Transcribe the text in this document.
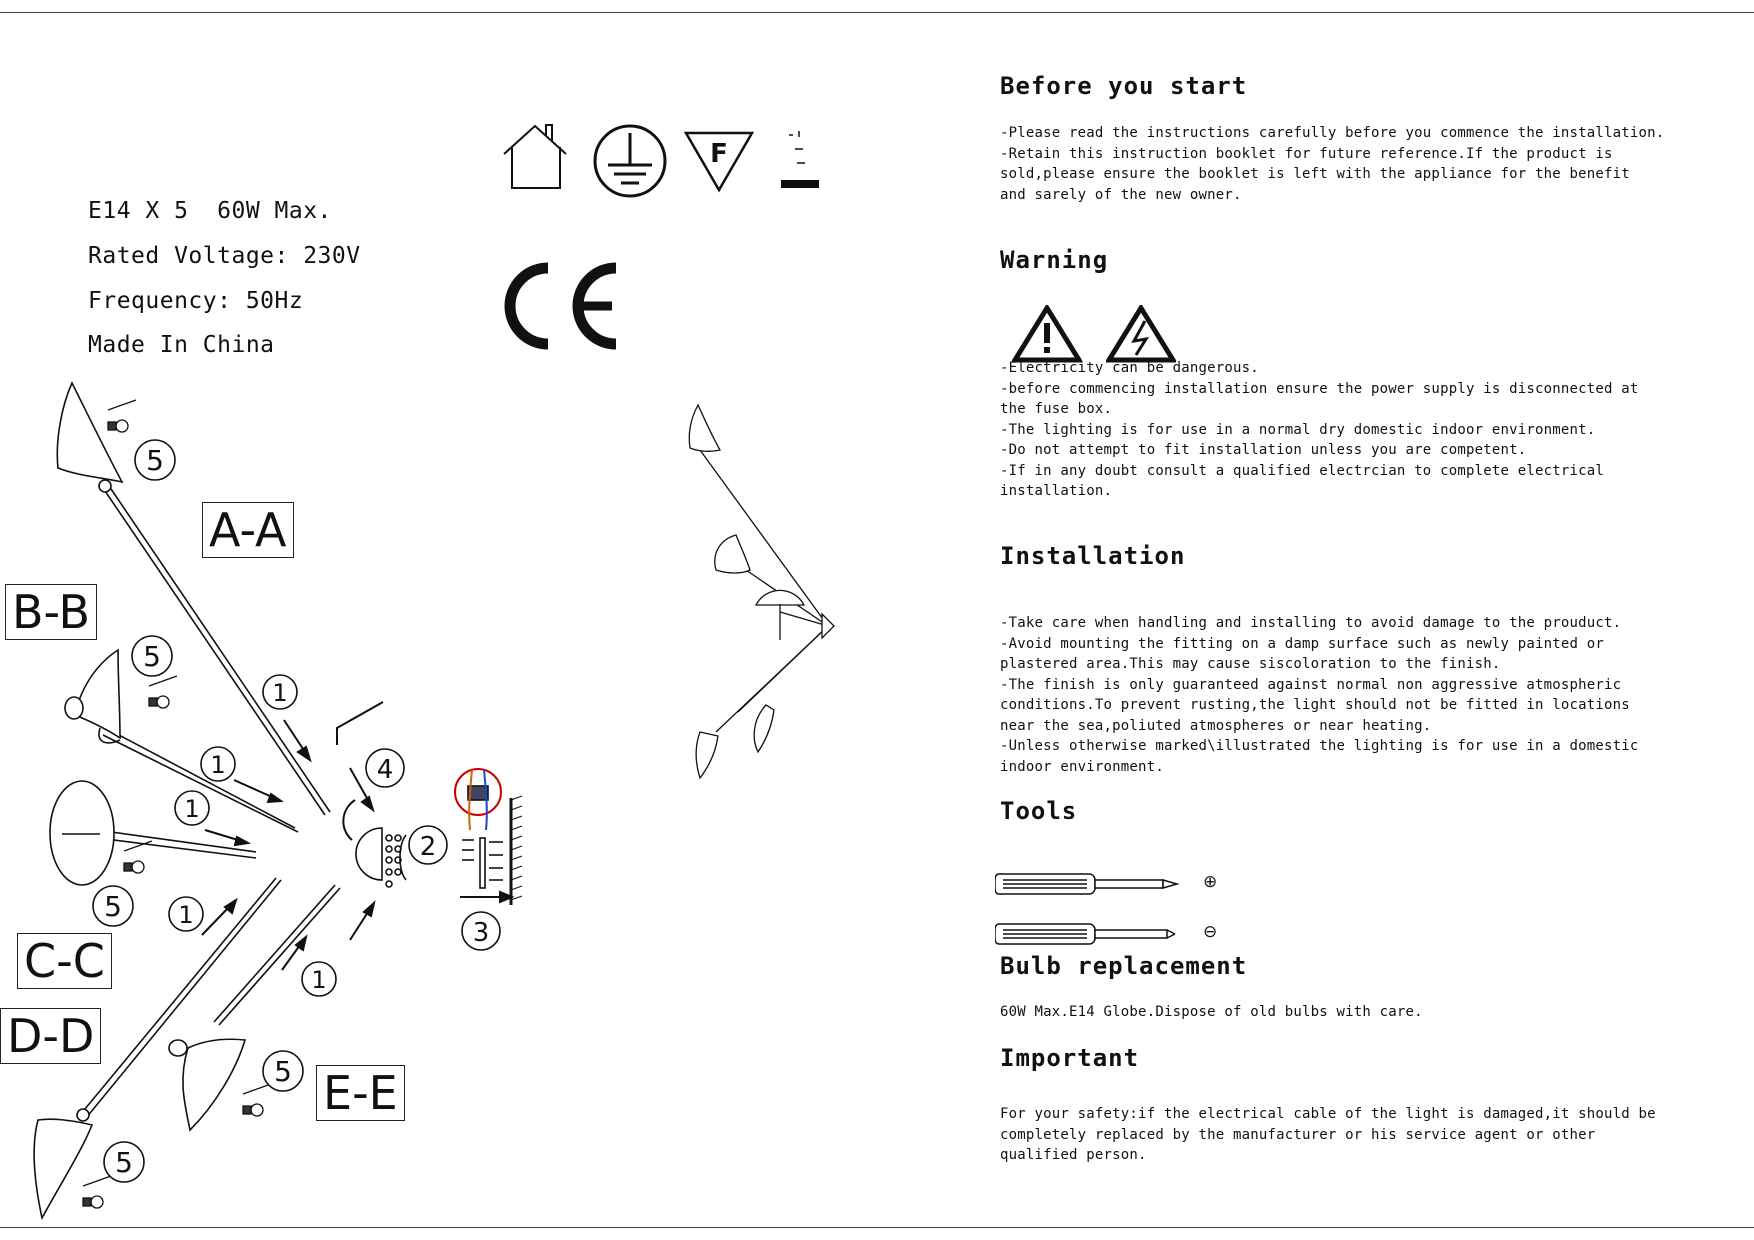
E14 X 5  60W Max.
Rated Voltage: 230V
Frequency: 50Hz
Made In China
F
5
5
5
5
5
1
1
1
1
1
2
3
4
A-A
B-B
C-C
D-D
E-E
Before you start
-Please read the instructions carefully before you commence the installation.
-Retain this instruction booklet for future reference.If the product is
sold,please ensure the booklet is left with the appliance for the benefit
and sarely of the new owner.
Warning
-Electricity can be dangerous.
-before commencing installation ensure the power supply is disconnected at
the fuse box.
-The lighting is for use in a normal dry domestic indoor environment.
-Do not attempt to fit installation unless you are competent.
-If in any doubt consult a qualified electrcian to complete electrical
installation.
Installation
-Take care when handling and installing to avoid damage to the prouduct.
-Avoid mounting the fitting on a damp surface such as newly painted or
plastered area.This may cause siscoloration to the finish.
-The finish is only guaranteed against normal non aggressive atmospheric
conditions.To prevent rusting,the light should not be fitted in locations
near the sea,poliuted atmospheres or near heating.
-Unless otherwise marked\illustrated the lighting is for use in a domestic
indoor environment.
Tools
⊕
⊖
Bulb replacement
60W Max.E14 Globe.Dispose of old bulbs with care.
Important
For your safety:if the electrical cable of the light is damaged,it should be
completely replaced by the manufacturer or his service agent or other
qualified person.
